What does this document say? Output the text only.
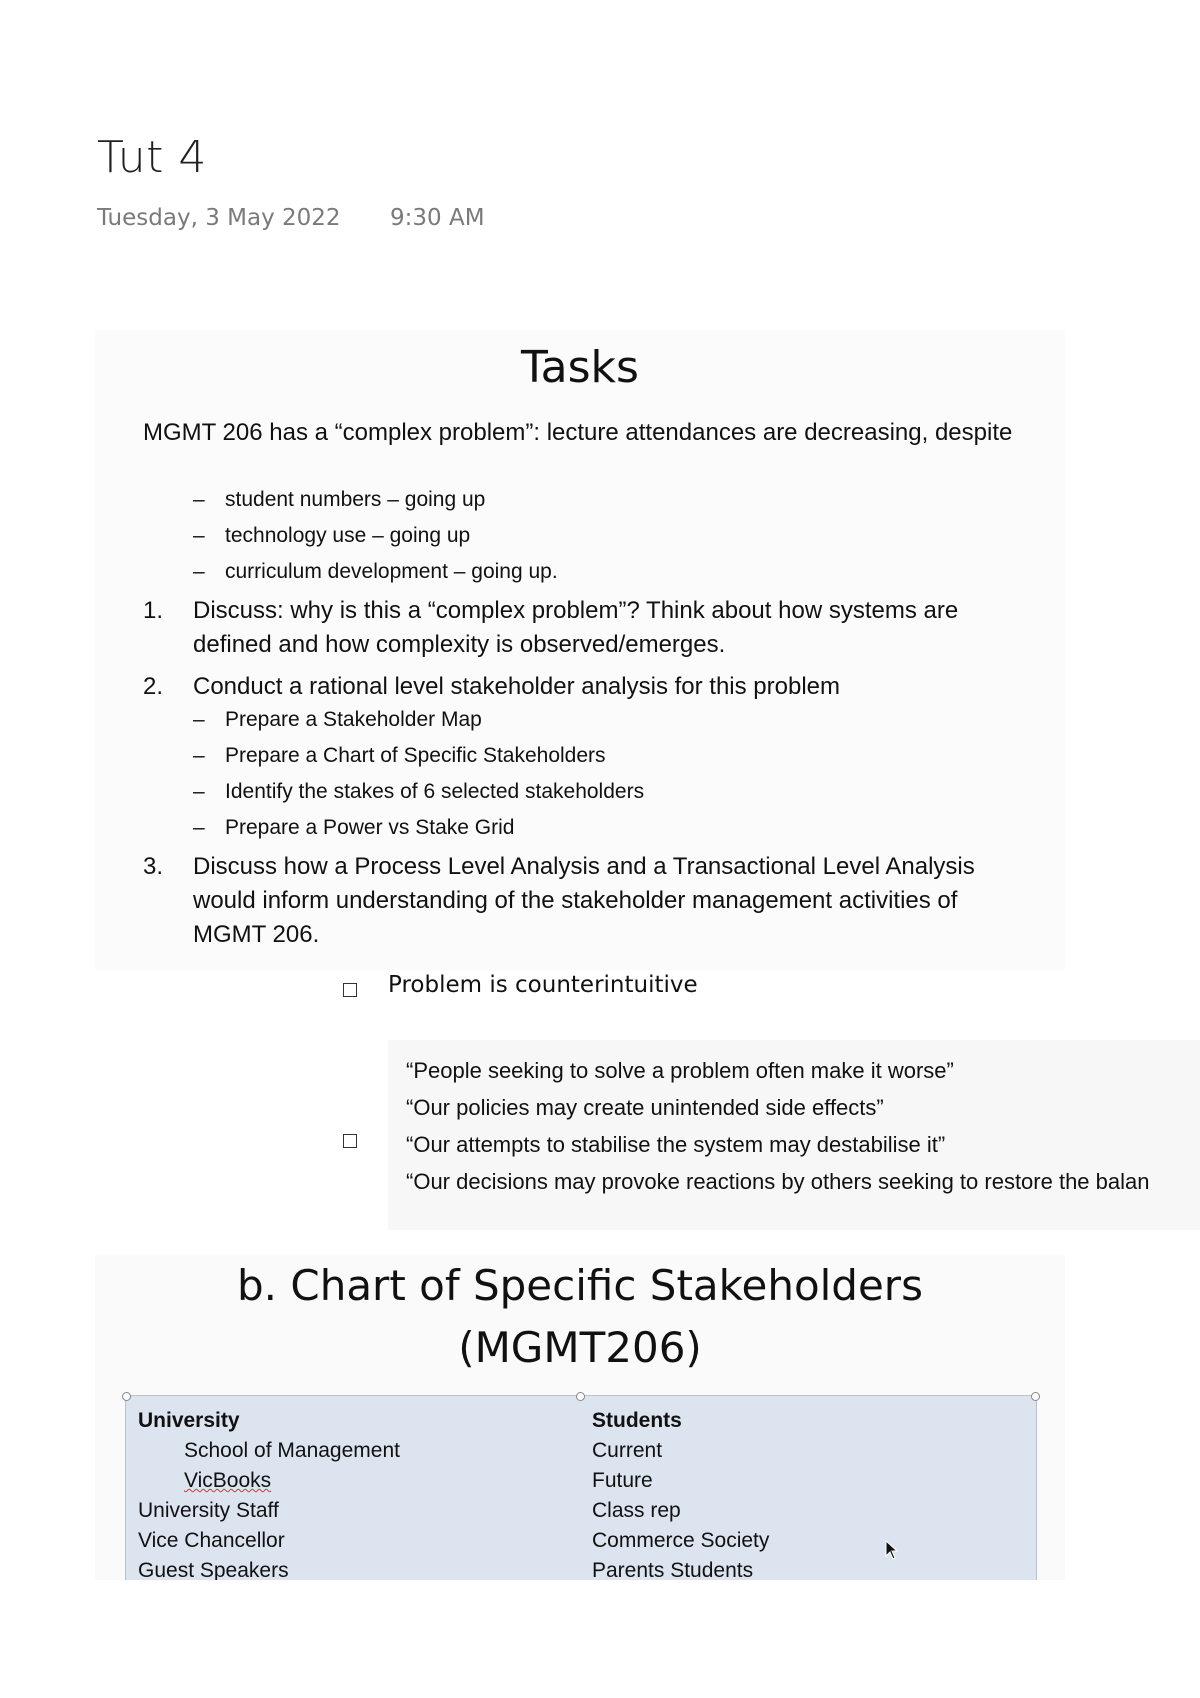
Tut 4
Tuesday, 3 May 2022 9:30 AM
Tasks
MGMT 206 has a “complex problem”: lecture attendances are decreasing, despite
– student numbers – going up
– technology use – going up
– curriculum development – going up.
1. Discuss: why is this a “complex problem”? Think about how systems are defined and how complexity is observed/emerges.
2. Conduct a rational level stakeholder analysis for this problem
– Prepare a Stakeholder Map
– Prepare a Chart of Specific Stakeholders
– Identify the stakes of 6 selected stakeholders
– Prepare a Power vs Stake Grid
3. Discuss how a Process Level Analysis and a Transactional Level Analysis would inform understanding of the stakeholder management activities of MGMT 206.
Problem is counterintuitive
“People seeking to solve a problem often make it worse”
“Our policies may create unintended side effects”
“Our attempts to stabilise the system may destabilise it”
“Our decisions may provoke reactions by others seeking to restore the balan
b. Chart of Specific Stakeholders
(MGMT206)
University
School of Management
VicBooks
University Staff
Vice Chancellor
Guest Speakers
Students
Current
Future
Class rep
Commerce Society
Parents Students
